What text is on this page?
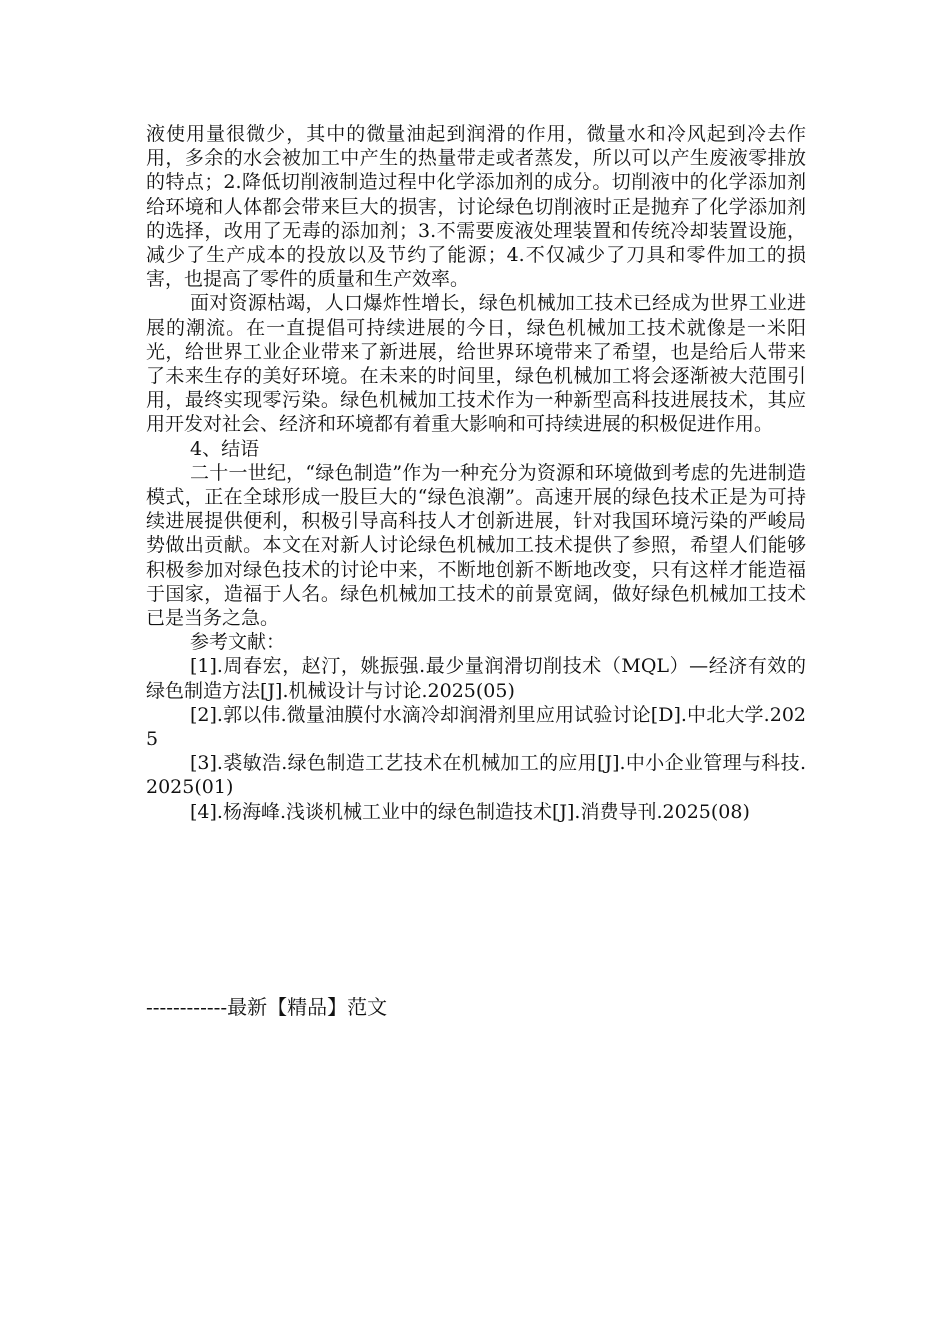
液使用量很微少，其中的微量油起到润滑的作用，微量水和冷风起到冷去作用，多余的水会被加工中产生的热量带走或者蒸发，所以可以产生废液零排放的特点；2.降低切削液制造过程中化学添加剂的成分。切削液中的化学添加剂给环境和人体都会带来巨大的损害，讨论绿色切削液时正是抛弃了化学添加剂的选择，改用了无毒的添加剂；3.不需要废液处理装置和传统冷却装置设施，减少了生产成本的投放以及节约了能源；4.不仅减少了刀具和零件加工的损害，也提高了零件的质量和生产效率。

面对资源枯竭，人口爆炸性增长，绿色机械加工技术已经成为世界工业进展的潮流。在一直提倡可持续进展的今日，绿色机械加工技术就像是一米阳光，给世界工业企业带来了新进展，给世界环境带来了希望，也是给后人带来了未来生存的美好环境。在未来的时间里，绿色机械加工将会逐渐被大范围引用，最终实现零污染。绿色机械加工技术作为一种新型高科技进展技术，其应用开发对社会、经济和环境都有着重大影响和可持续进展的积极促进作用。

4、结语

二十一世纪，“绿色制造”作为一种充分为资源和环境做到考虑的先进制造模式，正在全球形成一股巨大的“绿色浪潮”。高速开展的绿色技术正是为可持续进展提供便利，积极引导高科技人才创新进展，针对我国环境污染的严峻局势做出贡献。本文在对新人讨论绿色机械加工技术提供了参照，希望人们能够积极参加对绿色技术的讨论中来，不断地创新不断地改变，只有这样才能造福于国家，造福于人名。绿色机械加工技术的前景宽阔，做好绿色机械加工技术已是当务之急。

参考文献：

[1].周春宏，赵汀，姚振强.最少量润滑切削技术（MQL）—经济有效的绿色制造方法[J].机械设计与讨论.2025(05)

[2].郭以伟.微量油膜付水滴冷却润滑剂里应用试验讨论[D].中北大学.2025

[3].裘敏浩.绿色制造工艺技术在机械加工的应用[J].中小企业管理与科技.2025(01)

[4].杨海峰.浅谈机械工业中的绿色制造技术[J].消费导刊.2025(08)

------------最新【精品】范文
